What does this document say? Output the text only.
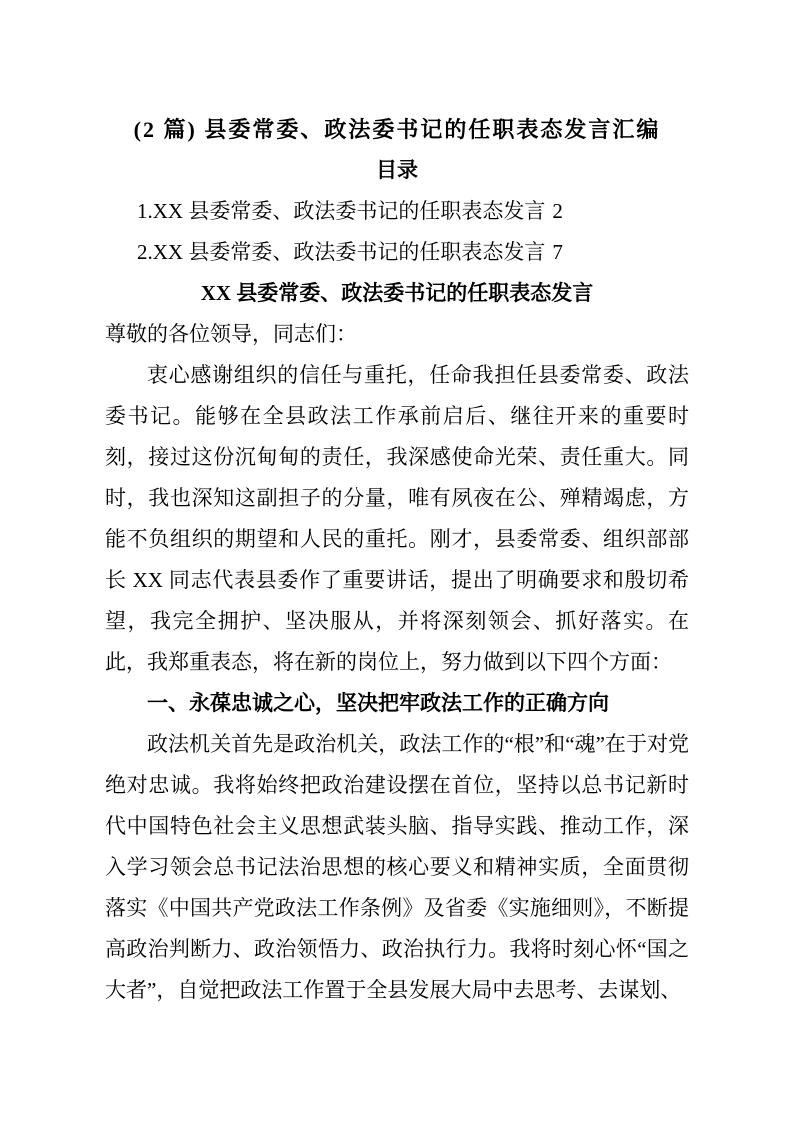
(2 篇) 县委常委、政法委书记的任职表态发言汇编
目录
1.XX 县委常委、政法委书记的任职表态发言 2
2.XX 县委常委、政法委书记的任职表态发言 7
XX 县委常委、政法委书记的任职表态发言
尊敬的各位领导，同志们：

衷心感谢组织的信任与重托，任命我担任县委常委、政法委书记。能够在全县政法工作承前启后、继往开来的重要时刻，接过这份沉甸甸的责任，我深感使命光荣、责任重大。同时，我也深知这副担子的分量，唯有夙夜在公、殚精竭虑，方能不负组织的期望和人民的重托。刚才，县委常委、组织部部长 XX 同志代表县委作了重要讲话，提出了明确要求和殷切希望，我完全拥护、坚决服从，并将深刻领会、抓好落实。在此，我郑重表态，将在新的岗位上，努力做到以下四个方面：

一、永葆忠诚之心，坚决把牢政法工作的正确方向

政法机关首先是政治机关，政法工作的“根”和“魂”在于对党绝对忠诚。我将始终把政治建设摆在首位，坚持以总书记新时代中国特色社会主义思想武装头脑、指导实践、推动工作，深入学习领会总书记法治思想的核心要义和精神实质，全面贯彻落实《中国共产党政法工作条例》及省委《实施细则》，不断提高政治判断力、政治领悟力、政治执行力。我将时刻心怀“国之大者”，自觉把政法工作置于全县发展大局中去思考、去谋划、
